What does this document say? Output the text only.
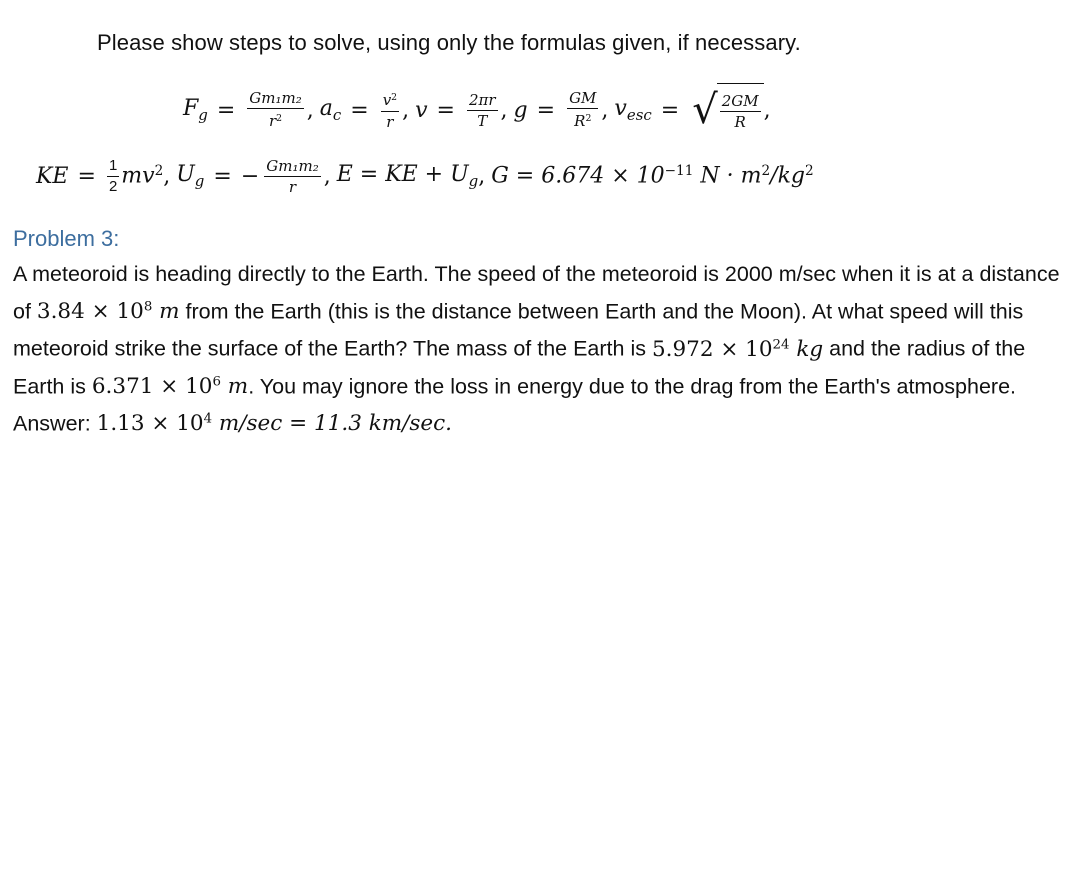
Please show steps to solve, using only the formulas given, if necessary.
$F_g = \frac{\text{Gm₁m₂}}{r^2}$ , $a_c = \frac{v^2}{r}$ , $v = \frac{2\pi r}{T}$ , $g = \frac{GM}{R^2}$ , $v_{esc}$ = √ $\frac{2GM}{R}$ ,
KE = $\frac{1}{2} mv^2$ , $U_g$ = − $\frac{\text{Gm₁m₂}}{r}$ , E = KE + $U_g$ , $G = 6.674 \times 10^{-11}$ $N \cdot m^2/kg^2$
Problem 3:

A meteoroid is heading directly to the Earth. The speed of the meteoroid is 2000 m/sec when it is at a distance of $3.84 \times 10^8$ m from the Earth (this is the distance between Earth and the Moon). At what speed will this meteoroid strike the surface of the Earth? The mass of the Earth is $5.972 \times 10^{24}$ kg and the radius of the Earth is $6.371 \times 10^6$ m. You may ignore the loss in energy due to the drag from the Earth's atmosphere.

Answer: $1.13 \times 10^4$ m/sec = 11.3 km/sec.
